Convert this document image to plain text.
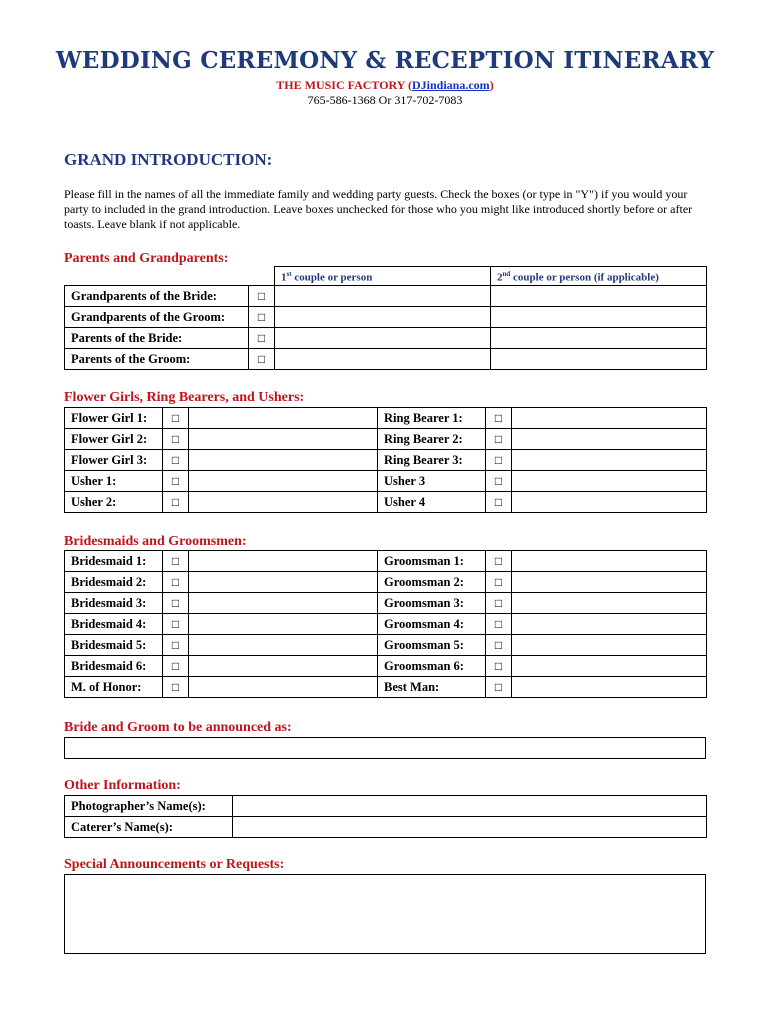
WEDDING CEREMONY & RECEPTION ITINERARY
THE MUSIC FACTORY (DJindiana.com)
765-586-1368 Or 317-702-7083
GRAND INTRODUCTION:
Please fill in the names of all the immediate family and wedding party guests. Check the boxes (or type in "Y") if you would your party to included in the grand introduction. Leave boxes unchecked for those who you might like introduced shortly before or after toasts. Leave blank if not applicable.
Parents and Grandparents:
		1st couple or person	2nd couple or person (if applicable)
Grandparents of the Bride:	□		
Grandparents of the Groom:	□		
Parents of the Bride:	□		
Parents of the Groom:	□		
Flower Girls, Ring Bearers, and Ushers:
Flower Girl 1:	□		Ring Bearer 1:	□	
Flower Girl 2:	□		Ring Bearer 2:	□	
Flower Girl 3:	□		Ring Bearer 3:	□	
Usher 1:	□		Usher 3	□	
Usher 2:	□		Usher 4	□	
Bridesmaids and Groomsmen:
Bridesmaid 1:	□		Groomsman 1:	□	
Bridesmaid 2:	□		Groomsman 2:	□	
Bridesmaid 3:	□		Groomsman 3:	□	
Bridesmaid 4:	□		Groomsman 4:	□	
Bridesmaid 5:	□		Groomsman 5:	□	
Bridesmaid 6:	□		Groomsman 6:	□	
M. of Honor:	□		Best Man:	□	
Bride and Groom to be announced as:
Other Information:
Photographer’s Name(s):	
Caterer’s Name(s):	
Special Announcements or Requests:
